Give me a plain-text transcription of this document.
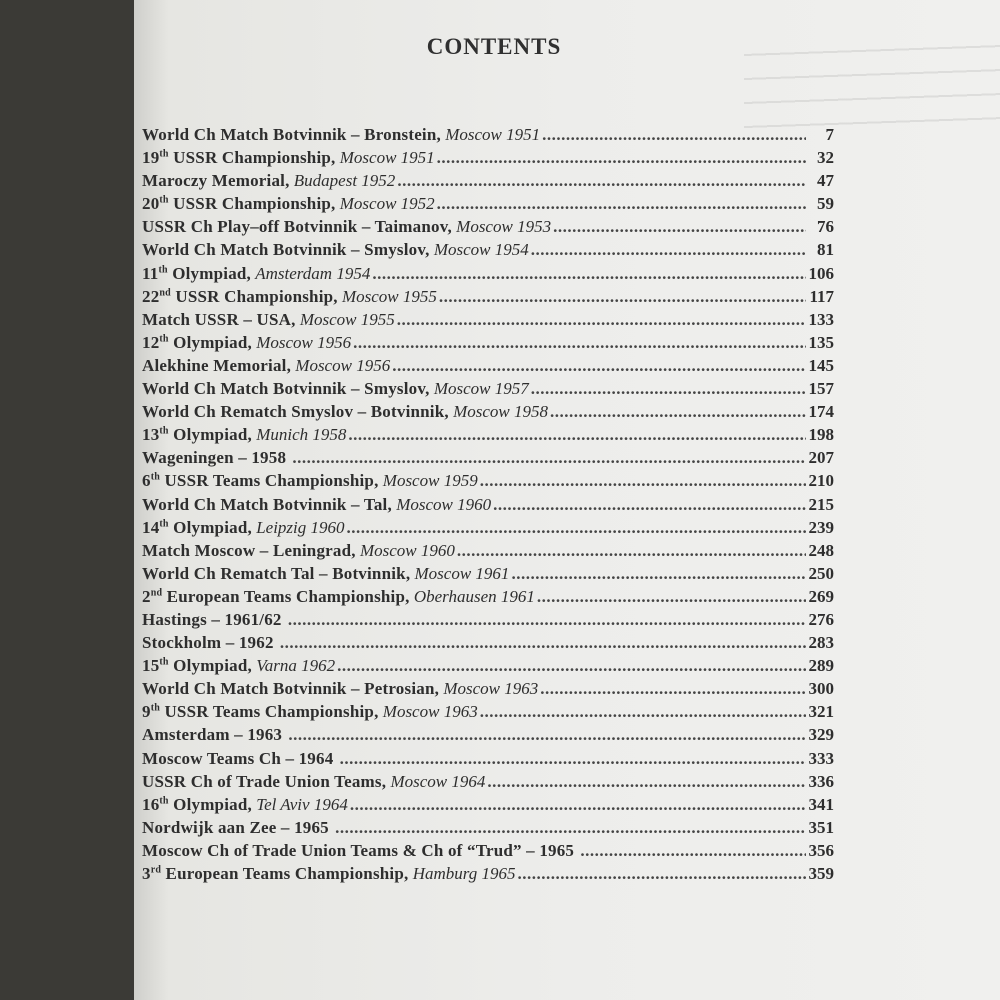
CONTENTS
World Ch Match Botvinnik – Bronstein,
Moscow 1951 .....	7
19th USSR Championship,
Moscow 1951 .....	32
Maroczy Memorial,
Budapest 1952 .....	47
20th USSR Championship,
Moscow 1952 .....	59
USSR Ch Play–off Botvinnik – Taimanov,
Moscow 1953 .....	76
World Ch Match Botvinnik – Smyslov,
Moscow 1954 .....	81
11th Olympiad,
Amsterdam 1954 .....	106
22nd USSR Championship,
Moscow 1955 .....	117
Match USSR – USA,
Moscow 1955 .....	133
12th Olympiad,
Moscow 1956 .....	135
Alekhine Memorial,
Moscow 1956 .....	145
World Ch Match Botvinnik – Smyslov,
Moscow 1957 .....	157
World Ch Rematch Smyslov – Botvinnik,
Moscow 1958 .....	174
13th Olympiad,
Munich 1958 .....	198
Wageningen – 1958
.....	207
6th USSR Teams Championship,
Moscow 1959 .....	210
World Ch Match Botvinnik – Tal,
Moscow 1960 .....	215
14th Olympiad,
Leipzig 1960 .....	239
Match Moscow – Leningrad,
Moscow 1960 .....	248
World Ch Rematch Tal – Botvinnik,
Moscow 1961 .....	250
2nd European Teams Championship,
Oberhausen 1961 .....	269
Hastings – 1961/62
.....	276
Stockholm – 1962
.....	283
15th Olympiad,
Varna 1962 .....	289
World Ch Match Botvinnik – Petrosian,
Moscow 1963 .....	300
9th USSR Teams Championship,
Moscow 1963 .....	321
Amsterdam – 1963
.....	329
Moscow Teams Ch – 1964
.....	333
USSR Ch of Trade Union Teams,
Moscow 1964 .....	336
16th Olympiad,
Tel Aviv 1964 .....	341
Nordwijk aan Zee – 1965
.....	351
Moscow Ch of Trade Union Teams & Ch of “Trud” – 1965
.....	356
3rd European Teams Championship,
Hamburg 1965 .....	359
